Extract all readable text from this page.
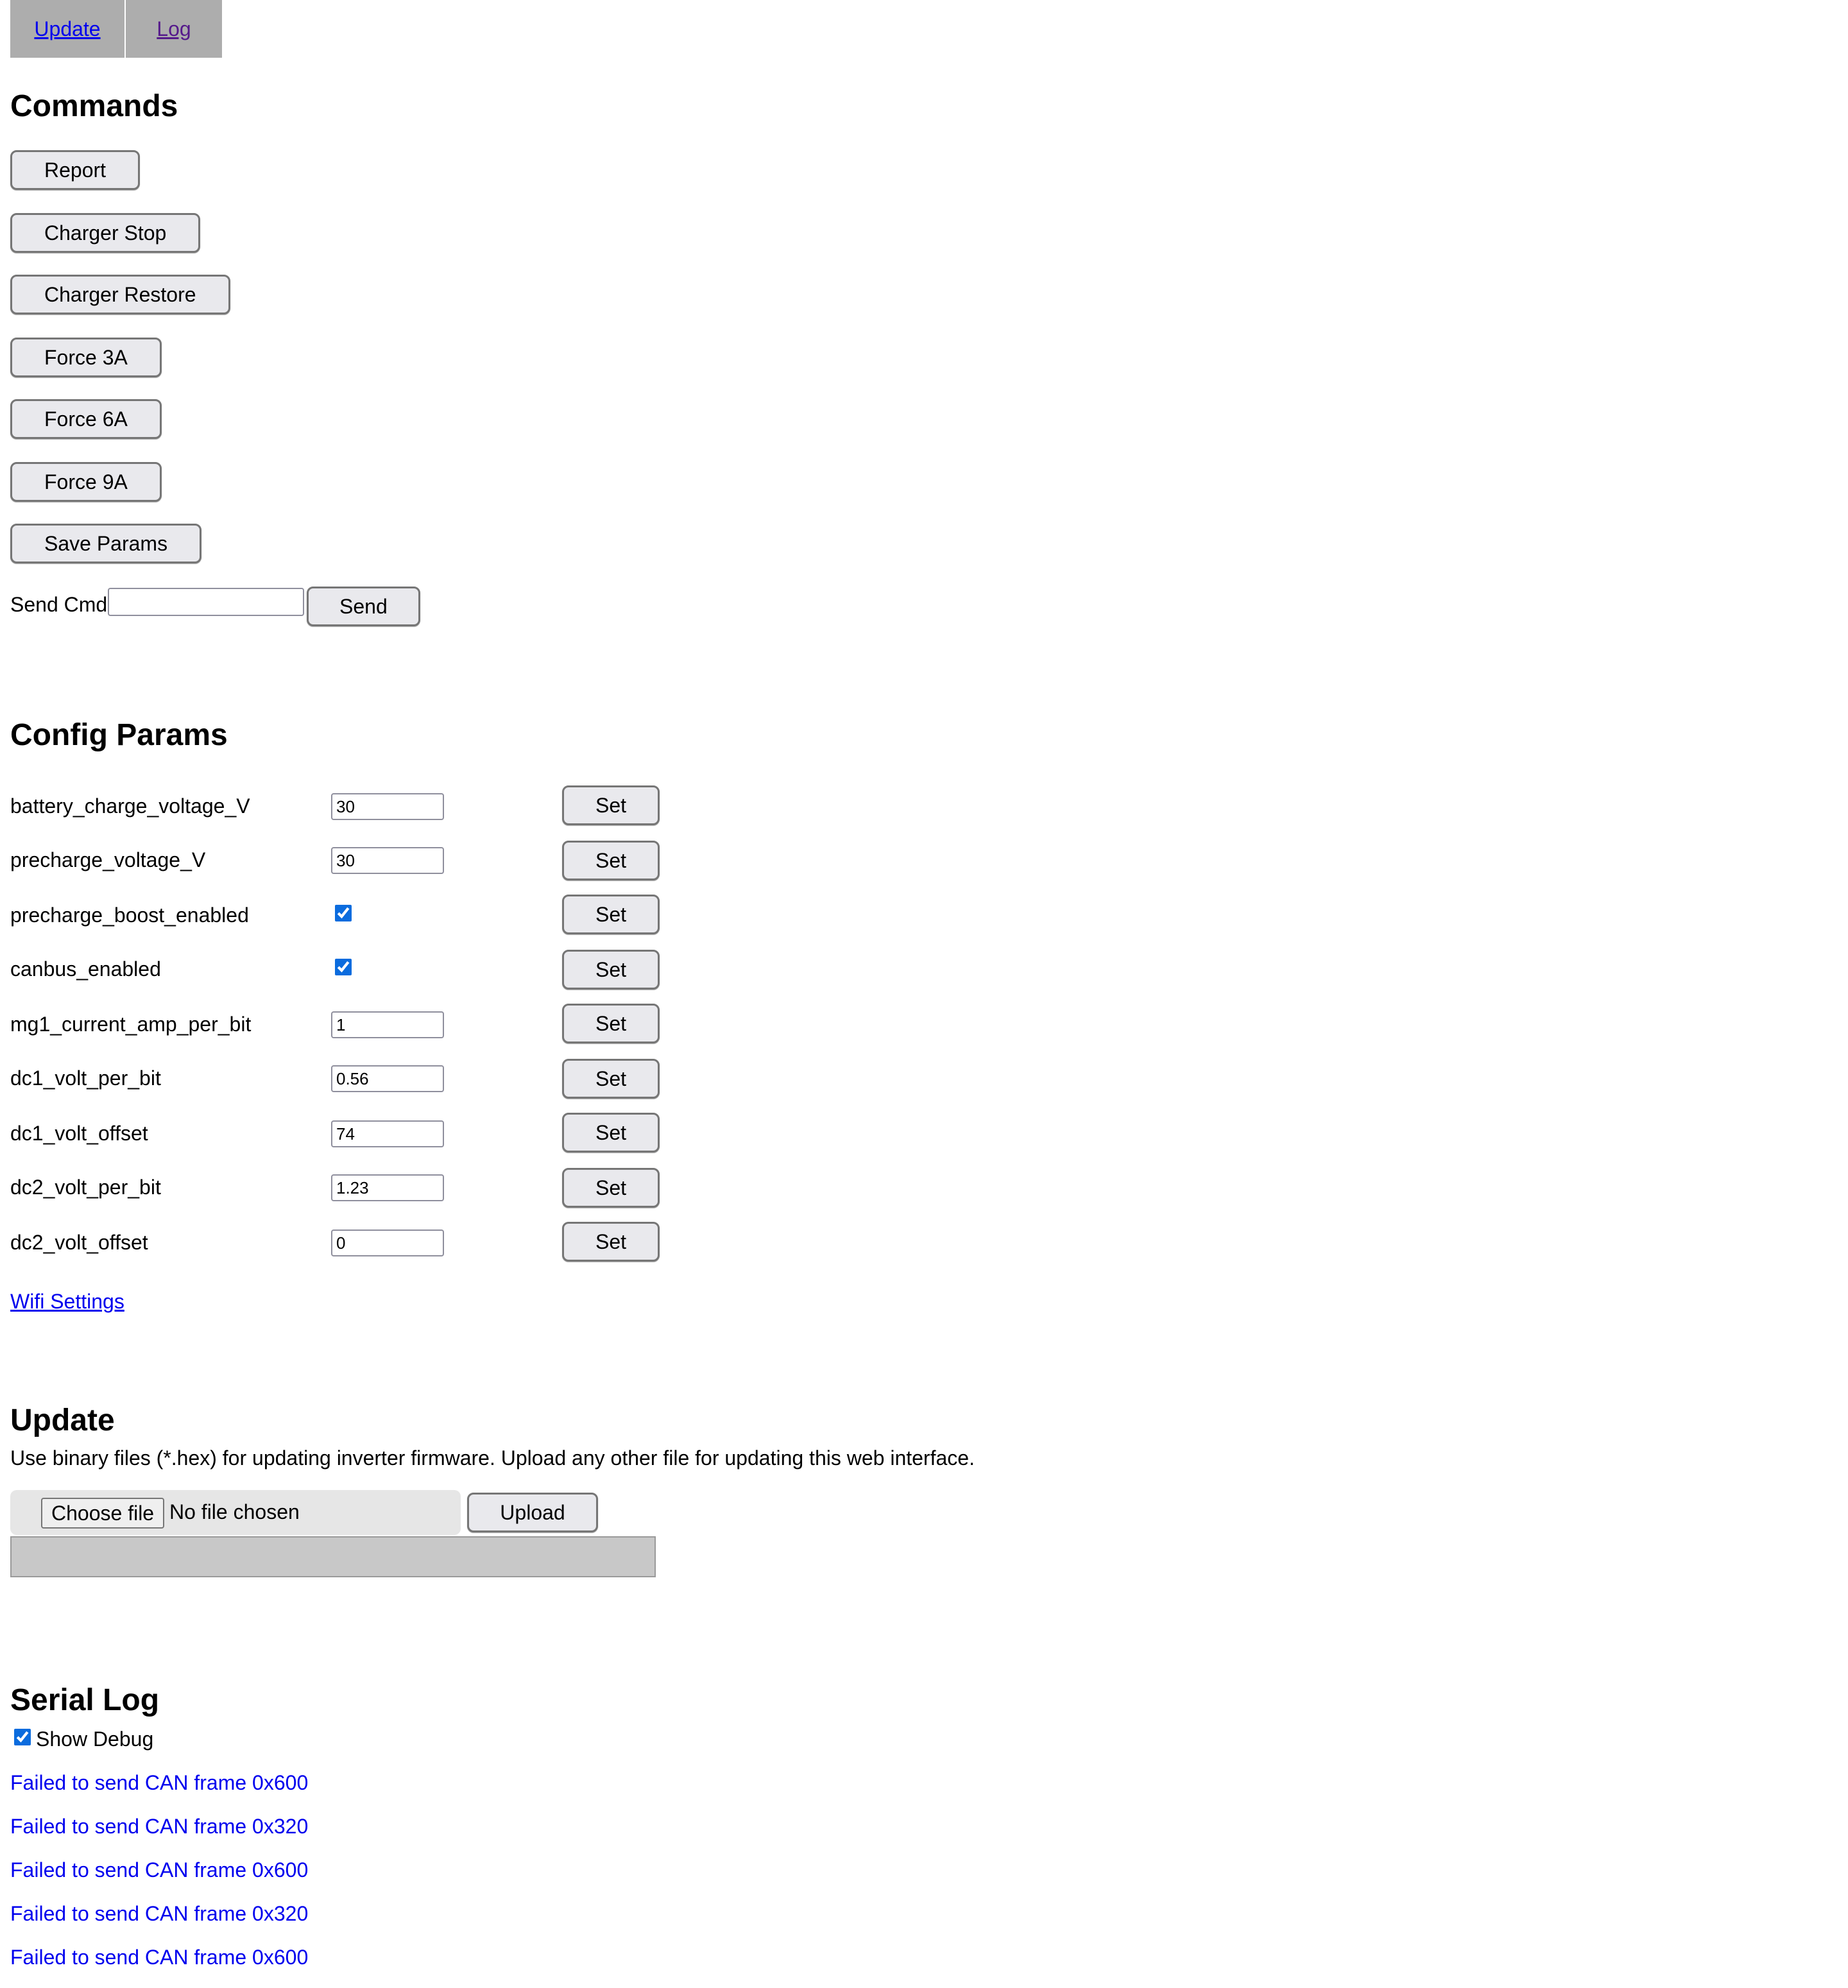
Update	Log
Commands
Report
Charger Stop
Charger Restore
Force 3A
Force 6A
Force 9A
Save Params
Send Cmd	Send
Config Params
battery_charge_voltage_V
30	Set
precharge_voltage_V
30	Set
precharge_boost_enabled	Set
canbus_enabled	Set
mg1_current_amp_per_bit
1	Set
dc1_volt_per_bit
0.56	Set
dc1_volt_offset
74	Set
dc2_volt_per_bit
1.23	Set
dc2_volt_offset
0	Set
Wifi Settings
Update
Use binary files (*.hex) for updating inverter firmware. Upload any other file for updating this web interface.
Choose file No file chosen	Upload
Serial Log
Show Debug
Failed to send CAN frame 0x600
Failed to send CAN frame 0x320
Failed to send CAN frame 0x600
Failed to send CAN frame 0x320
Failed to send CAN frame 0x600
